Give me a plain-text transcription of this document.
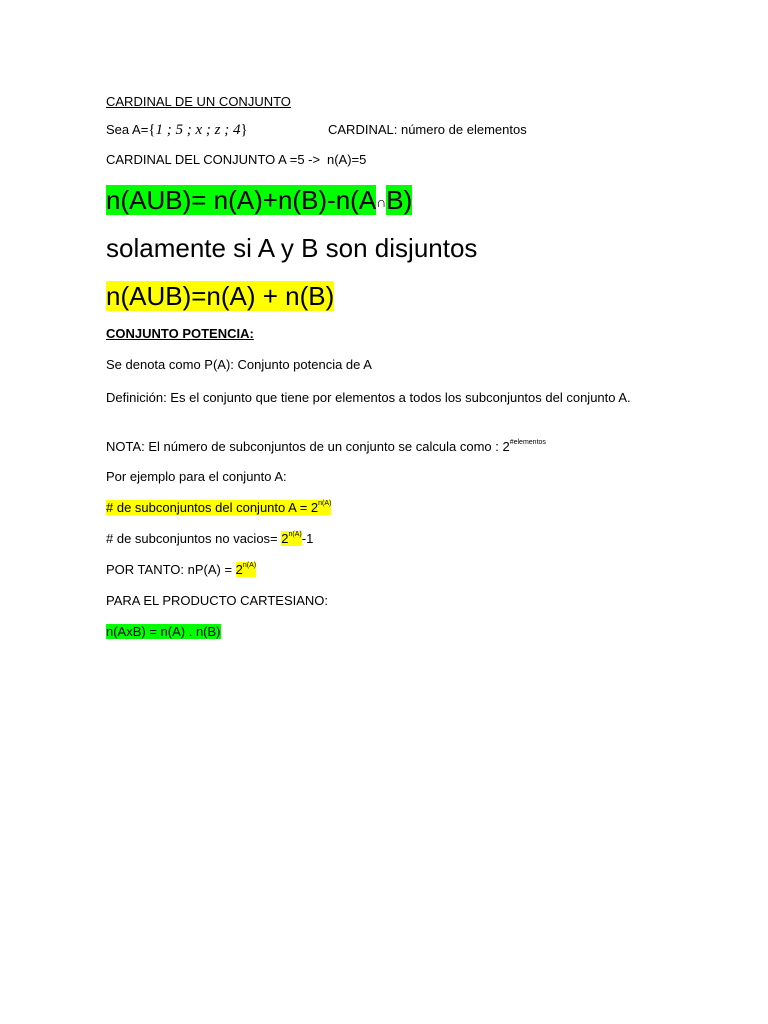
CARDINAL DE UN CONJUNTO
Sea A={1 ; 5 ; x ; z ; 4}	CARDINAL: número de elementos
CARDINAL DEL CONJUNTO A =5 -> n(A)=5
n(AUB)= n(A)+n(B)-n(A∩B)
solamente si A y B son disjuntos
n(AUB)=n(A) + n(B)
CONJUNTO POTENCIA:
Se denota como P(A): Conjunto potencia de A
Definición: Es el conjunto que tiene por elementos a todos los subconjuntos del conjunto A.
NOTA: El número de subconjuntos de un conjunto se calcula como : $2^{\#elementos}$
Por ejemplo para el conjunto A:
# de subconjuntos del conjunto $A = 2^{n(A)}$
# de subconjuntos no vacios= $2^{n(A)}-1$
POR TANTO: $nP(A) = 2^{n(A)}$
PARA EL PRODUCTO CARTESIANO:
n(AxB) = n(A) . n(B)
